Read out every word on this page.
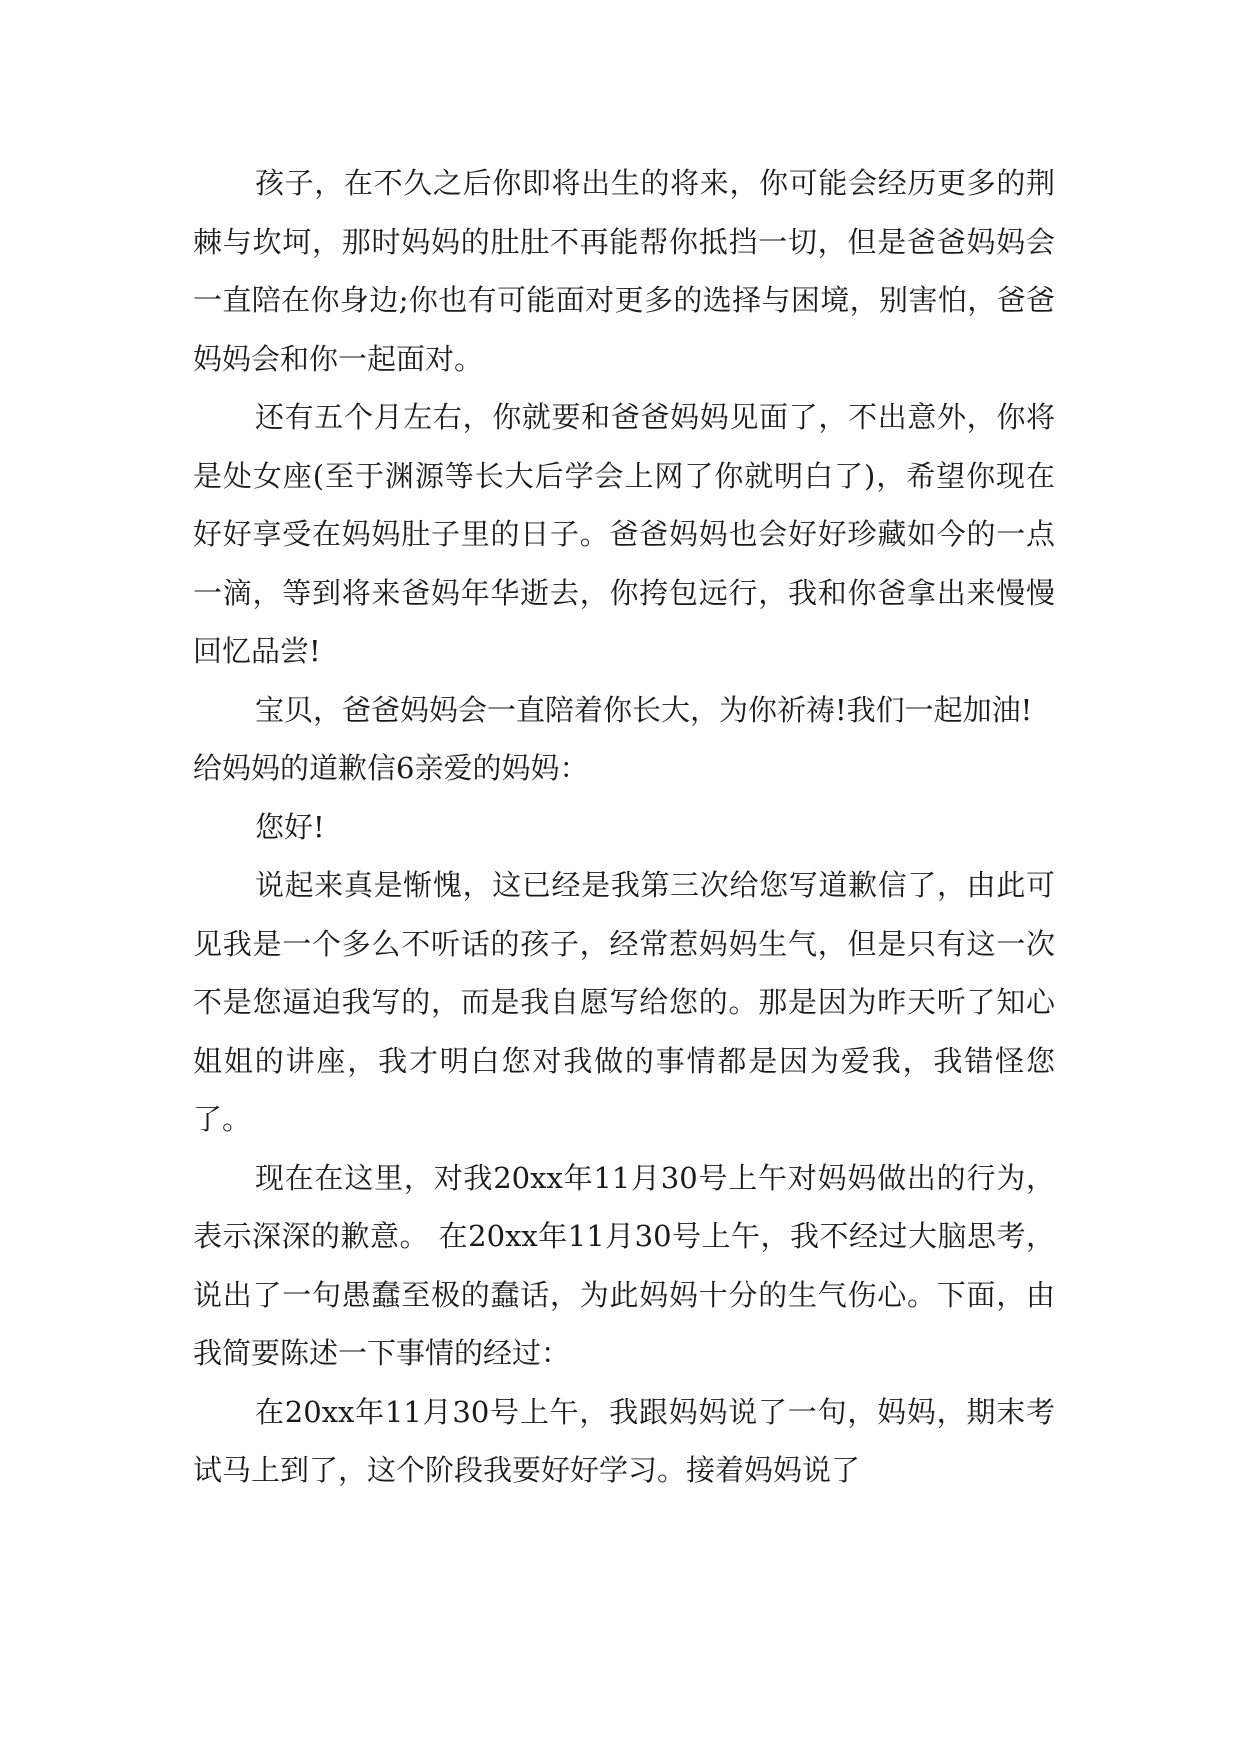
孩子，在不久之后你即将出生的将来，你可能会经历更多的荆棘与坎坷，那时妈妈的肚肚不再能帮你抵挡一切，但是爸爸妈妈会一直陪在你身边;你也有可能面对更多的选择与困境，别害怕，爸爸妈妈会和你一起面对。

还有五个月左右，你就要和爸爸妈妈见面了，不出意外，你将是处女座(至于渊源等长大后学会上网了你就明白了)，希望你现在好好享受在妈妈肚子里的日子。爸爸妈妈也会好好珍藏如今的一点一滴，等到将来爸妈年华逝去，你挎包远行，我和你爸拿出来慢慢回忆品尝!

宝贝，爸爸妈妈会一直陪着你长大，为你祈祷!我们一起加油!

给妈妈的道歉信6亲爱的妈妈：

您好!

说起来真是惭愧，这已经是我第三次给您写道歉信了，由此可见我是一个多么不听话的孩子，经常惹妈妈生气，但是只有这一次不是您逼迫我写的，而是我自愿写给您的。那是因为昨天听了知心姐姐的讲座，我才明白您对我做的事情都是因为爱我，我错怪您了。

现在在这里，对我20xx年11月30号上午对妈妈做出的行为，表示深深的歉意。 在20xx年11月30号上午，我不经过大脑思考，说出了一句愚蠢至极的蠢话，为此妈妈十分的生气伤心。下面，由我简要陈述一下事情的经过：

在20xx年11月30号上午，我跟妈妈说了一句，妈妈，期末考试马上到了，这个阶段我要好好学习。接着妈妈说了
